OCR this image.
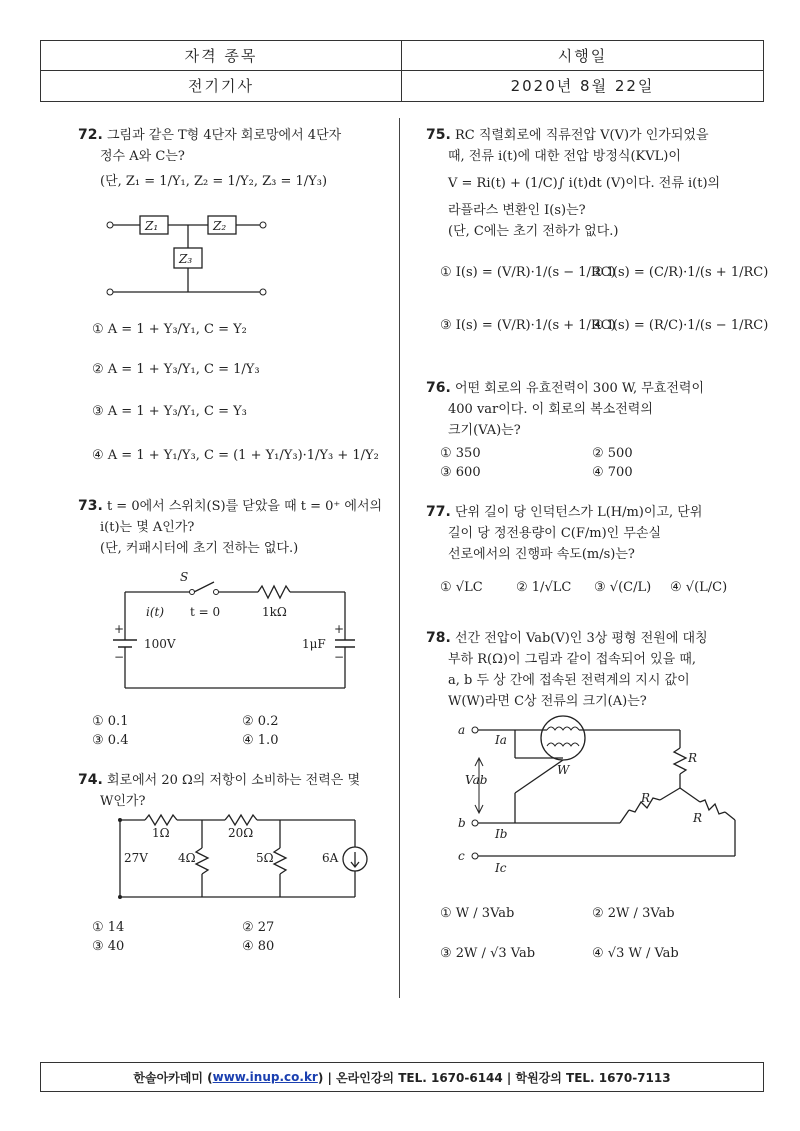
자격 종목	시행일
전기기사	2020년 8월 22일
72. 그림과 같은 T형 4단자 회로망에서 4단자
정수 A와 C는?
(단, Z₁ = 1/Y₁, Z₂ = 1/Y₂, Z₃ = 1/Y₃)
Z₁	Z₂
Z₃
① A = 1 + Y₃/Y₁, C = Y₂
② A = 1 + Y₃/Y₁, C = 1/Y₃
③ A = 1 + Y₃/Y₁, C = Y₃
④ A = 1 + Y₁/Y₃, C = (1 + Y₁/Y₃)·1/Y₃ + 1/Y₂
73. t = 0에서 스위치(S)를 닫았을 때 t = 0⁺ 에서의
i(t)는 몇 A인가?
(단, 커패시터에 초기 전하는 없다.)
+
−
+
−
S
i(t) t = 0	1kΩ
100V	1μF
① 0.1	② 0.2
③ 0.4	④ 1.0
74. 회로에서 20 Ω의 저항이 소비하는 전력은 몇
W인가?
1Ω	20Ω
27V	4Ω	5Ω	6A
① 14	② 27
③ 40	④ 80
75. RC 직렬회로에 직류전압 V(V)가 인가되었을
때, 전류 i(t)에 대한 전압 방정식(KVL)이
V = Ri(t) + (1/C)∫ i(t)dt (V)이다. 전류 i(t)의
라플라스 변환인 I(s)는?
(단, C에는 초기 전하가 없다.)
① I(s) = (V/R)·1/(s − 1/RC)
② I(s) = (C/R)·1/(s + 1/RC)
③ I(s) = (V/R)·1/(s + 1/RC)
④ I(s) = (R/C)·1/(s − 1/RC)
76. 어떤 회로의 유효전력이 300 W, 무효전력이
400 var이다. 이 회로의 복소전력의
크기(VA)는?
① 350	② 500
③ 600	④ 700
77. 단위 길이 당 인덕턴스가 L(H/m)이고, 단위
길이 당 정전용량이 C(F/m)인 무손실
선로에서의 진행파 속도(m/s)는?
① √LC	② 1/√LC ③ √(C/L) ④ √(L/C)
78. 선간 전압이 Vab(V)인 3상 평형 전원에 대칭
부하 R(Ω)이 그림과 같이 접속되어 있을 때,
a, b 두 상 간에 접속된 전력계의 지시 값이
W(W)라면 C상 전류의 크기(A)는?
a
b
c
Ia
Ib
Ic
Vab
W
R
R
R
① W / 3Vab	② 2W / 3Vab
③ 2W / √3 Vab	④ √3 W / Vab
한솔아카데미 ( www.inup.co.kr ) | 온라인강의 TEL. 1670-6144 | 학원강의 TEL. 1670-7113
